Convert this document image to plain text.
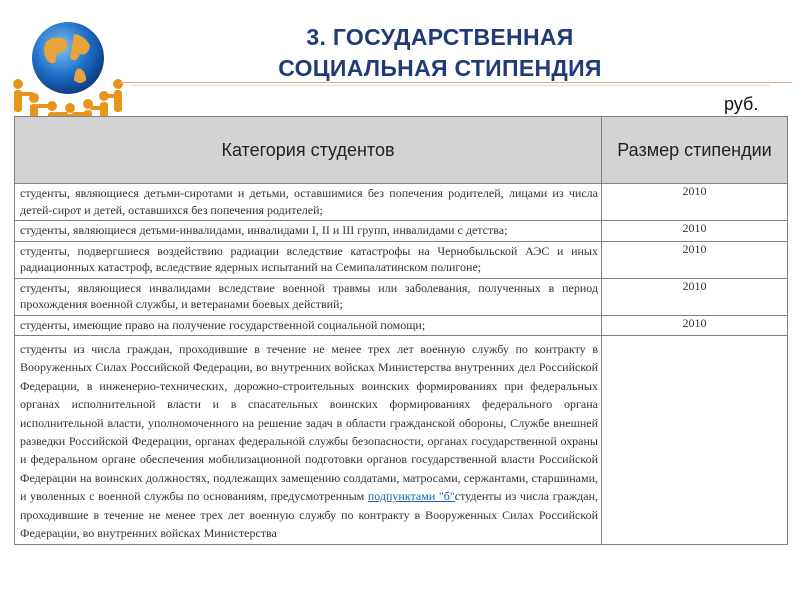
3. ГОСУДАРСТВЕННАЯ
СОЦИАЛЬНАЯ СТИПЕНДИЯ
руб.
Категория студентов	Размер стипендии
студенты, являющиеся детьми-сиротами и детьми, оставшимися без попечения родителей, лицами из числа детей-сирот и детей, оставшихся без попечения родителей;	2010
студенты, являющиеся детьми-инвалидами, инвалидами I, II и III групп, инвалидами с детства;	2010
студенты, подвергшиеся воздействию радиации вследствие катастрофы на Чернобыльской АЭС и иных радиационных катастроф, вследствие ядерных испытаний на Семипалатинском полигоне;	2010
студенты, являющиеся инвалидами вследствие военной травмы или заболевания, полученных в период прохождения военной службы, и ветеранами боевых действий;	2010
студенты, имеющие право на получение государственной социальной помощи;	2010
студенты из числа граждан, проходившие в течение не менее трех лет военную службу по контракту в Вооруженных Силах Российской Федерации, во внутренних войсках Министерства внутренних дел Российской Федерации, в инженерно-технических, дорожно-строительных воинских формированиях при федеральных органах исполнительной власти и в спасательных воинских формированиях федерального органа исполнительной власти, уполномоченного на решение задач в области гражданской обороны, Службе внешней разведки Российской Федерации, органах федеральной службы безопасности, органах государственной охраны и федеральном органе обеспечения мобилизационной подготовки органов государственной власти Российской Федерации на воинских должностях, подлежащих замещению солдатами, матросами, сержантами, старшинами, и уволенных с военной службы по основаниям, предусмотренным подпунктами "б"студенты из числа граждан, проходившие в течение не менее трех лет военную службу по контракту в Вооруженных Силах Российской Федерации, во внутренних войсках Министерства	
